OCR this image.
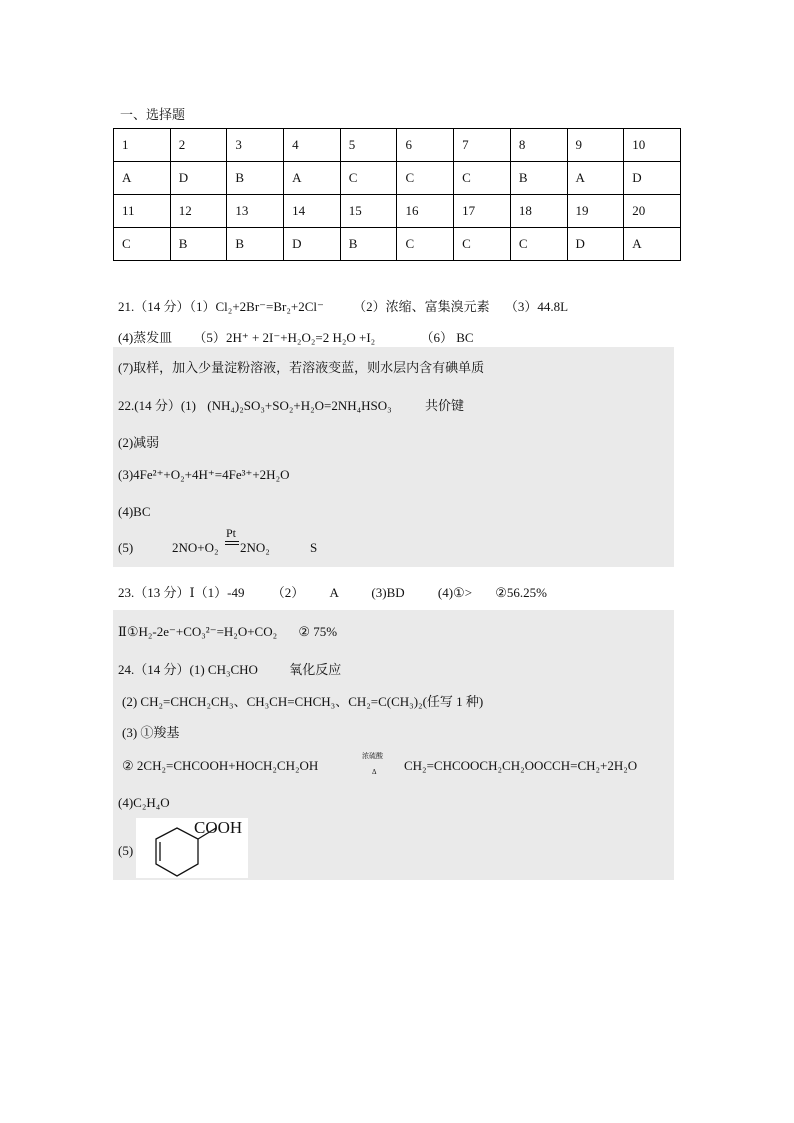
一、选择题
1	2	3	4	5	6	7	8	9	10
A	D	B	A	C	C	C	B	A	D
11	12	13	14	15	16	17	18	19	20
C	B	B	D	B	C	C	C	D	A
21.（14 分）（1）Cl₂+2Br⁻=Br₂+2Cl⁻ （2）浓缩、富集溴元素 （3）44.8L
(4)蒸发皿 （5）2H⁺ + 2I⁻+H₂O₂=2 H₂O +I₂	（6） BC
(7)取样，加入少量淀粉溶液，若溶液变蓝，则水层内含有碘单质
22.(14 分）(1) (NH₄)₂SO₃+SO₂+H₂O=2NH₄HSO₃	共价键
(2)减弱
(3)4Fe²⁺+O₂+4H⁺=4Fe³⁺+2H₂O
(4)BC
(5)	2NO+O₂
Pt
2NO₂	S
23.（13 分）Ⅰ（1）-49 （2） A	(3)BD	(4)①> ②56.25%
Ⅱ①H₂-2e⁻+CO₃²⁻=H₂O+CO₂ ② 75%
24.（14 分）(1) CH₃CHO 氧化反应
(2) CH₂=CHCH₂CH₃、CH₃CH=CHCH₃、CH₂=C(CH₃)₂(任写 1 种)
(3) ①羧基
② 2CH₂=CHCOOH+HOCH₂CH₂OH
浓硫酸
Δ CH₂=CHCOOCH₂CH₂OOCCH=CH₂+2H₂O
(4)C₂H₄O
(5)
COOH
